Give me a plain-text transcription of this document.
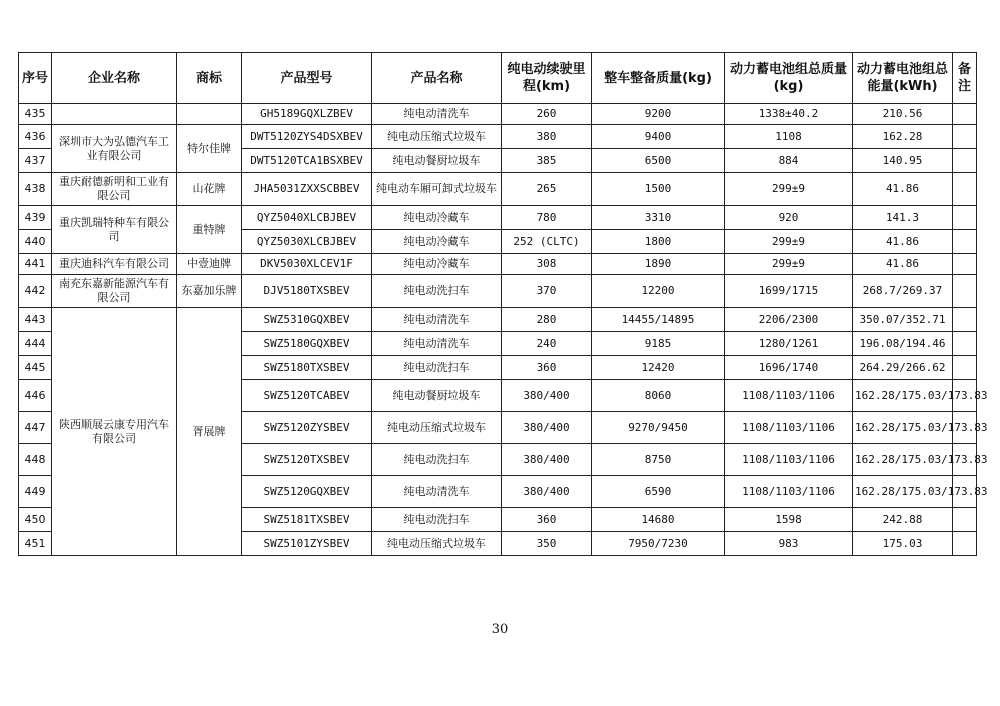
序号	企业名称	商标	产品型号	产品名称	纯电动续驶里程(km)	整车整备质量(kg)	动力蓄电池组总质量(kg)	动力蓄电池组总能量(kWh)	备注
435			GH5189GQXLZBEV	纯电动清洗车	260	9200	1338±40.2	210.56	
436	深圳市大为弘德汽车工业有限公司	特尔佳牌	DWT5120ZYS4DSXBEV	纯电动压缩式垃圾车	380	9400	1108	162.28	
437			DWT5120TCA1BSXBEV	纯电动餐厨垃圾车	385	6500	884	140.95	
438	重庆耐德新明和工业有限公司	山花牌	JHA5031ZXXSCBBEV	纯电动车厢可卸式垃圾车	265	1500	299±9	41.86	
439	重庆凯瑞特种车有限公司	重特牌	QYZ5040XLCBJBEV	纯电动冷藏车	780	3310	920	141.3	
440			QYZ5030XLCBJBEV	纯电动冷藏车	252 (CLTC)	1800	299±9	41.86	
441	重庆迪科汽车有限公司	中壹迪牌	DKV5030XLCEV1F	纯电动冷藏车	308	1890	299±9	41.86	
442	南充东嘉新能源汽车有限公司	东嘉加乐牌	DJV5180TXSBEV	纯电动洗扫车	370	12200	1699/1715	268.7/269.37	
443	陕西顺展云康专用汽车有限公司	胥展牌	SWZ5310GQXBEV	纯电动清洗车	280	14455/14895	2206/2300	350.07/352.71	
444			SWZ5180GQXBEV	纯电动清洗车	240	9185	1280/1261	196.08/194.46	
445			SWZ5180TXSBEV	纯电动洗扫车	360	12420	1696/1740	264.29/266.62	
446			SWZ5120TCABEV	纯电动餐厨垃圾车	380/400	8060	1108/1103/1106	162.28/175.03/173.83	
447			SWZ5120ZYSBEV	纯电动压缩式垃圾车	380/400	9270/9450	1108/1103/1106	162.28/175.03/173.83	
448			SWZ5120TXSBEV	纯电动洗扫车	380/400	8750	1108/1103/1106	162.28/175.03/173.83	
449			SWZ5120GQXBEV	纯电动清洗车	380/400	6590	1108/1103/1106	162.28/175.03/173.83	
450			SWZ5181TXSBEV	纯电动洗扫车	360	14680	1598	242.88	
451			SWZ5101ZYSBEV	纯电动压缩式垃圾车	350	7950/7230	983	175.03	
30
